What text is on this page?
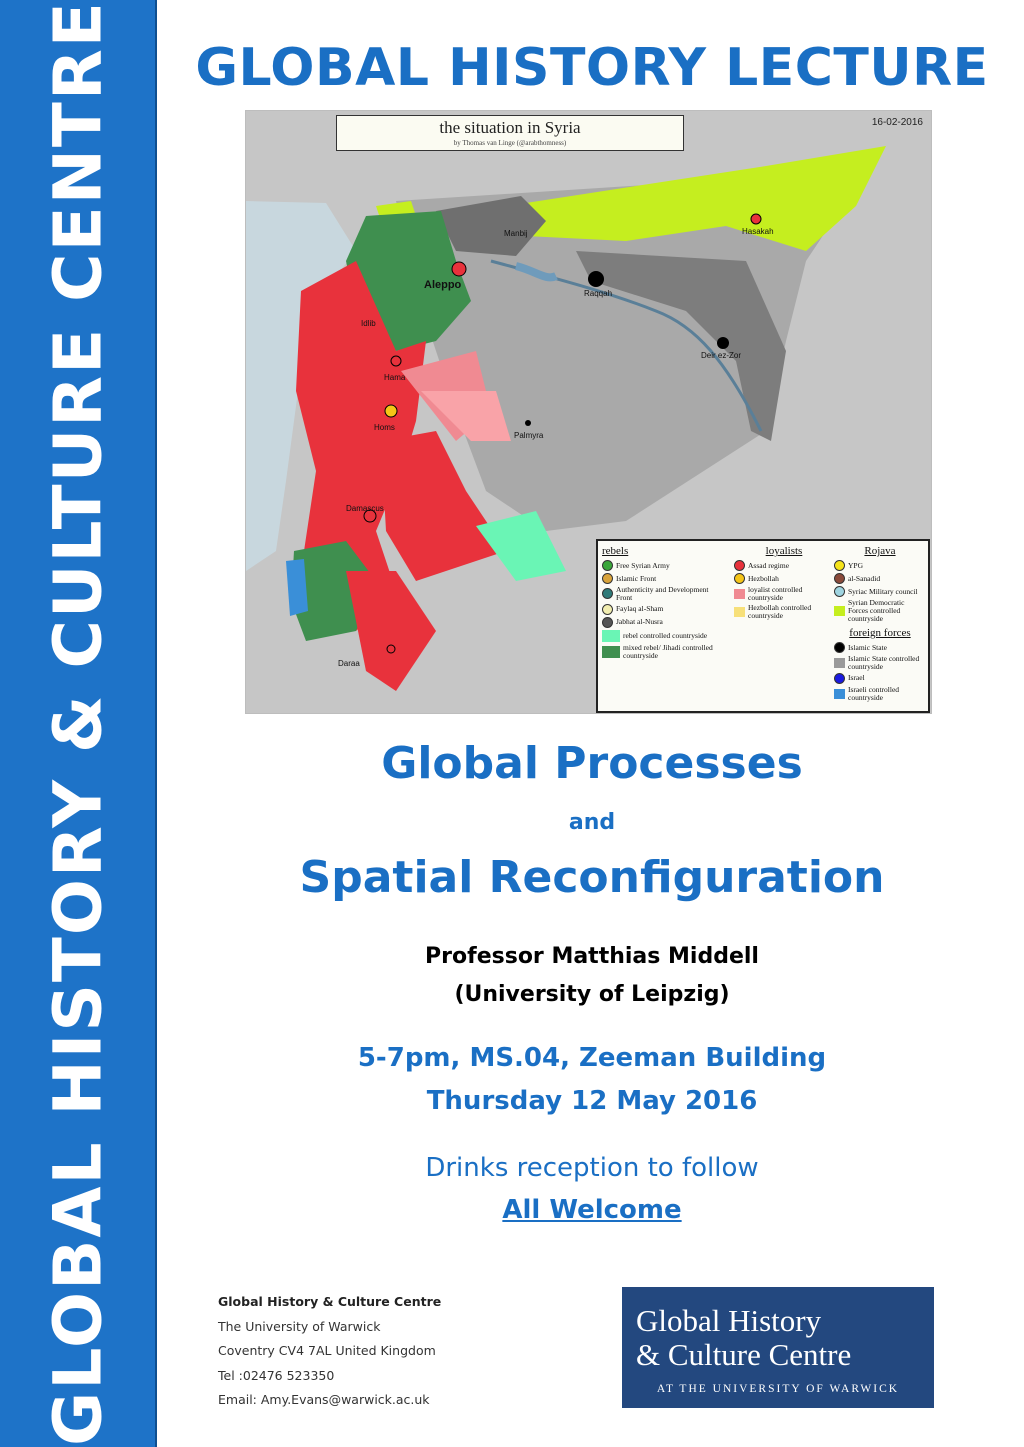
GLOBAL HISTORY & CULTURE CENTRE	GLOBAL HISTORY LECTURE
the situation in Syria
by Thomas van Linge (@arabthomness)
16-02-2016
Aleppo
Idlib
Hama
Homs
Damascus
Daraa
Raqqah
Deir ez-Zor
Hasakah
Palmyra
Manbij
rebels
Free Syrian Army
Islamic Front
Authenticity and Development Front
Faylaq al-Sham
Jabhat al-Nusra
rebel controlled countryside
mixed rebel/ Jihadi controlled countryside
loyalists
Assad regime
Hezbollah
loyalist controlled countryside
Hezbollah controlled countryside
Rojava
YPG
al-Sanadid
Syriac Military council
Syrian Democratic Forces controlled countryside
foreign forces
Islamic State
Islamic State controlled countryside
Israel
Israeli controlled countryside
Global Processes
and
Spatial Reconfiguration
Professor Matthias Middell
(University of Leipzig)
5-7pm, MS.04, Zeeman Building
Thursday 12 May 2016
Drinks reception to follow
All Welcome
Global History & Culture Centre
The University of Warwick
Coventry CV4 7AL United Kingdom
Tel :02476 523350
Email: Amy.Evans@warwick.ac.uk
Global History
& Culture Centre
AT THE UNIVERSITY OF WARWICK
